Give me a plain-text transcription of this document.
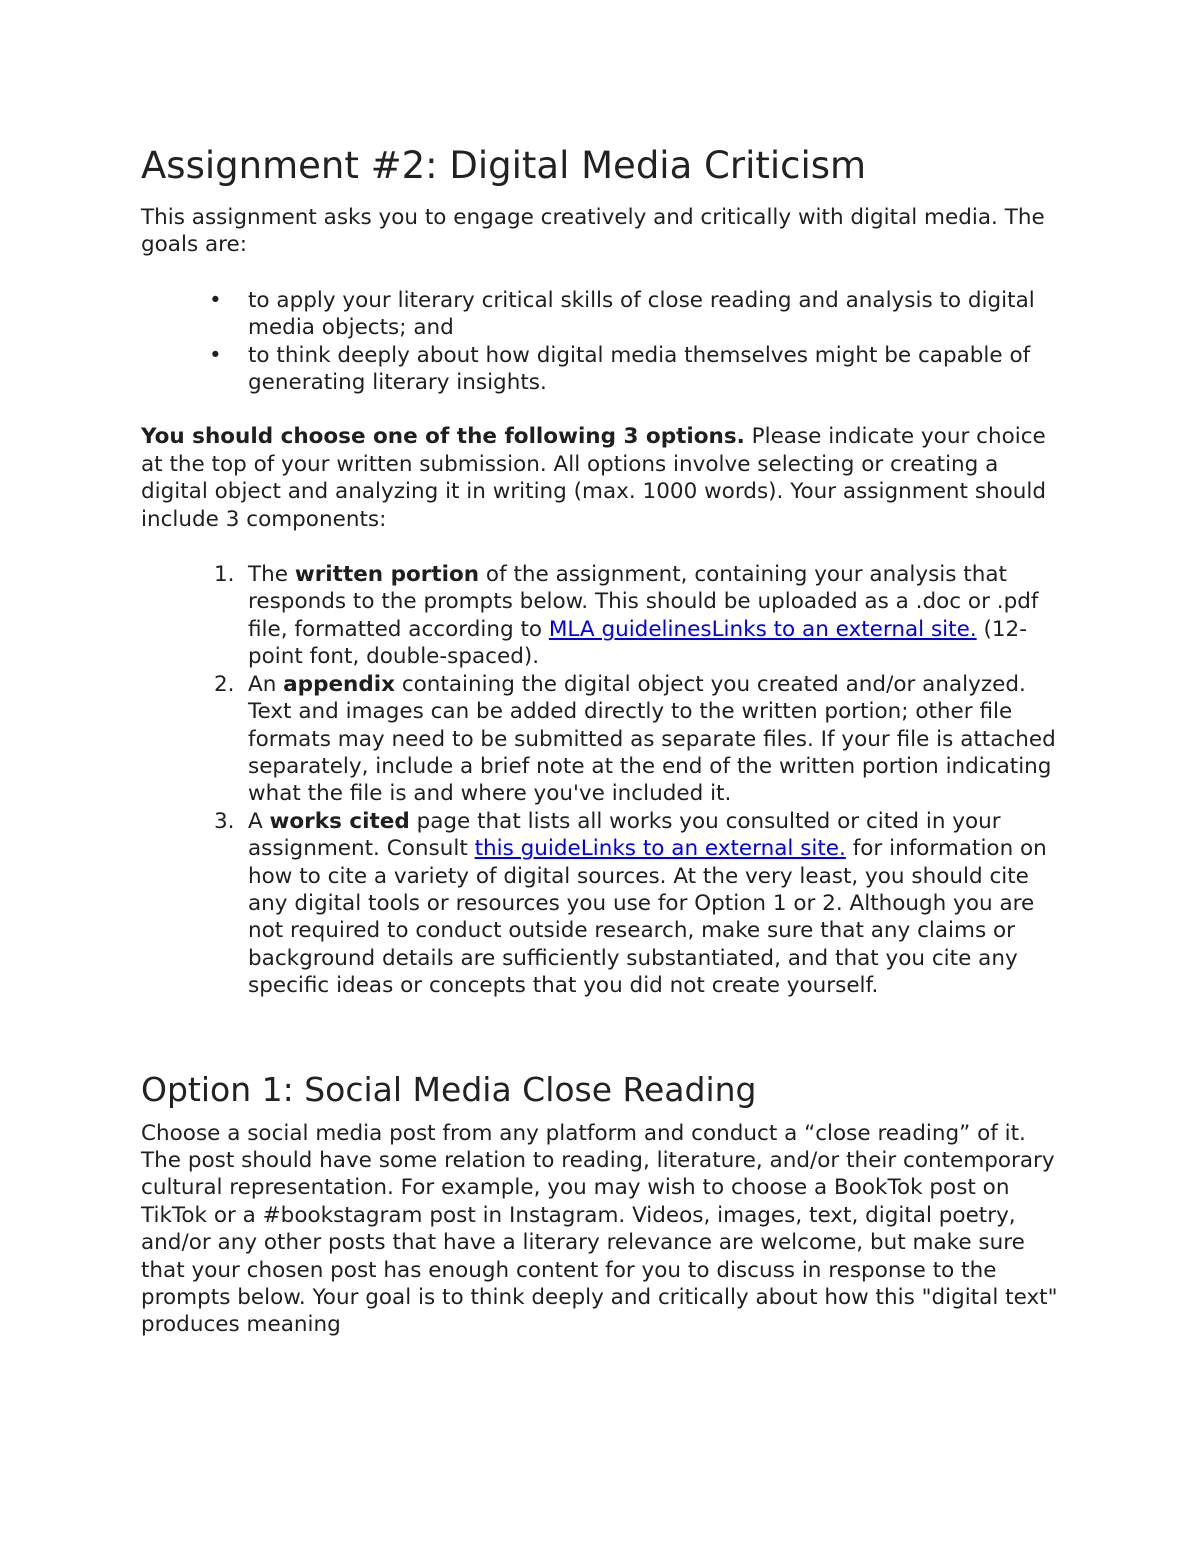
Assignment #2: Digital Media Criticism

This assignment asks you to engage creatively and critically with digital media. The goals are:

• to apply your literary critical skills of close reading and analysis to digital media objects; and
• to think deeply about how digital media themselves might be capable of generating literary insights.

You should choose one of the following 3 options. Please indicate your choice at the top of your written submission. All options involve selecting or creating a digital object and analyzing it in writing (max. 1000 words). Your assignment should include 3 components:

1. The written portion of the assignment, containing your analysis that responds to the prompts below. This should be uploaded as a .doc or .pdf file, formatted according to MLA guidelinesLinks to an external site. (12-point font, double-spaced).
2. An appendix containing the digital object you created and/or analyzed. Text and images can be added directly to the written portion; other file formats may need to be submitted as separate files. If your file is attached separately, include a brief note at the end of the written portion indicating what the file is and where you've included it.
3. A works cited page that lists all works you consulted or cited in your assignment. Consult this guideLinks to an external site. for information on how to cite a variety of digital sources. At the very least, you should cite any digital tools or resources you use for Option 1 or 2. Although you are not required to conduct outside research, make sure that any claims or background details are sufficiently substantiated, and that you cite any specific ideas or concepts that you did not create yourself.
Option 1: Social Media Close Reading

Choose a social media post from any platform and conduct a “close reading” of it. The post should have some relation to reading, literature, and/or their contemporary cultural representation. For example, you may wish to choose a BookTok post on TikTok or a #bookstagram post in Instagram. Videos, images, text, digital poetry, and/or any other posts that have a literary relevance are welcome, but make sure that your chosen post has enough content for you to discuss in response to the prompts below. Your goal is to think deeply and critically about how this "digital text" produces meaning
